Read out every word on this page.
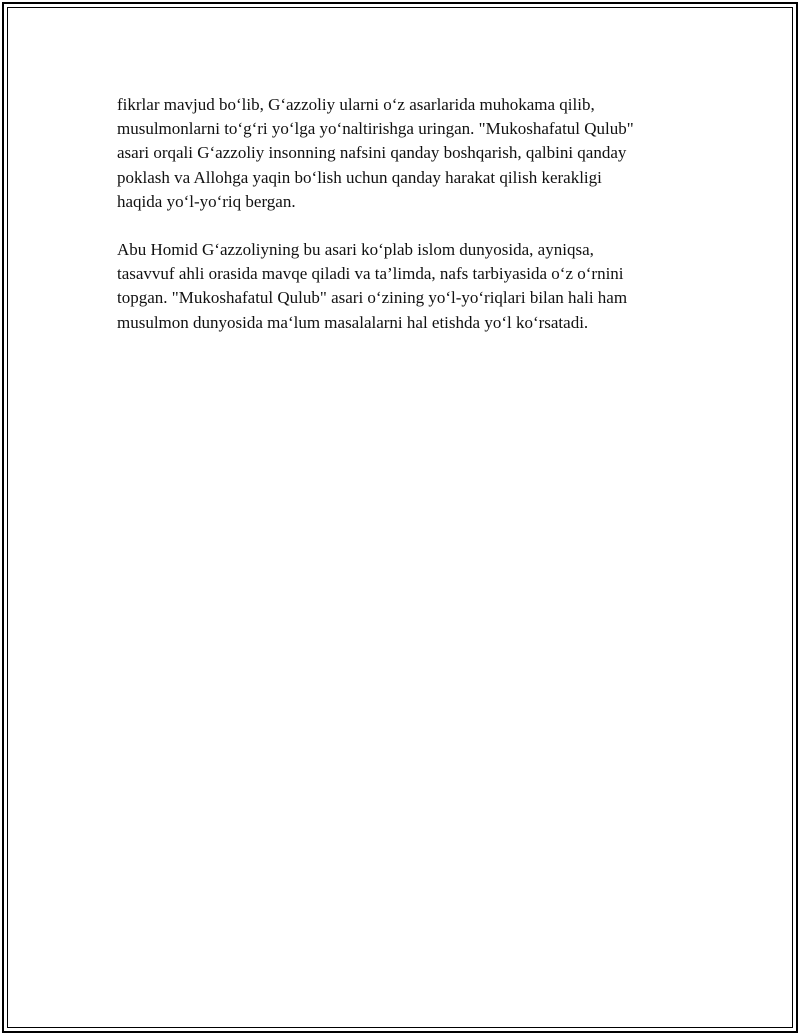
fikrlar mavjud bo‘lib, G‘azzoliy ularni o‘z asarlarida muhokama qilib,
musulmonlarni to‘g‘ri yo‘lga yo‘naltirishga uringan. "Mukoshafatul Qulub"
asari orqali G‘azzoliy insonning nafsini qanday boshqarish, qalbini qanday
poklash va Allohga yaqin bo‘lish uchun qanday harakat qilish kerakligi
haqida yo‘l-yo‘riq bergan.

Abu Homid G‘azzoliyning bu asari ko‘plab islom dunyosida, ayniqsa,
tasavvuf ahli orasida mavqe qiladi va ta’limda, nafs tarbiyasida o‘z o‘rnini
topgan. "Mukoshafatul Qulub" asari o‘zining yo‘l-yo‘riqlari bilan hali ham
musulmon dunyosida ma‘lum masalalarni hal etishda yo‘l ko‘rsatadi.
